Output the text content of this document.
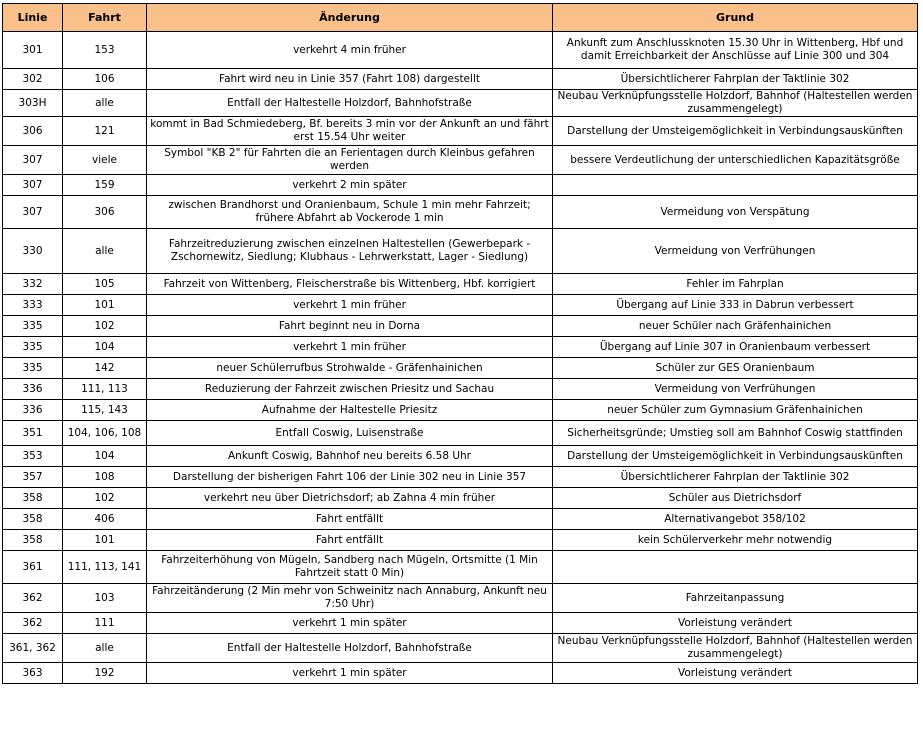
Linie	Fahrt	Änderung	Grund
301	153	verkehrt 4 min früher	Ankunft zum Anschlussknoten 15.30 Uhr in Wittenberg, Hbf und damit Erreichbarkeit der Anschlüsse auf Linie 300 und 304
302	106	Fahrt wird neu in Linie 357 (Fahrt 108) dargestellt	Übersichtlicherer Fahrplan der Taktlinie 302
303H	alle	Entfall der Haltestelle Holzdorf, Bahnhofstraße	Neubau Verknüpfungsstelle Holzdorf, Bahnhof (Haltestellen werden zusammengelegt)
306	121	kommt in Bad Schmiedeberg, Bf. bereits 3 min vor der Ankunft an und fährt erst 15.54 Uhr weiter	Darstellung der Umsteigemöglichkeit in Verbindungsauskünften
307	viele	Symbol "KB 2" für Fahrten die an Ferientagen durch Kleinbus gefahren werden	bessere Verdeutlichung der unterschiedlichen Kapazitätsgröße
307	159	verkehrt 2 min später	
307	306	zwischen Brandhorst und Oranienbaum, Schule 1 min mehr Fahrzeit; frühere Abfahrt ab Vockerode 1 min	Vermeidung von Verspätung
330	alle	Fahrzeitreduzierung zwischen einzelnen Haltestellen (Gewerbepark - Zschornewitz, Siedlung; Klubhaus - Lehrwerkstatt, Lager - Siedlung)	Vermeidung von Verfrühungen
332	105	Fahrzeit von Wittenberg, Fleischerstraße bis Wittenberg, Hbf. korrigiert	Fehler im Fahrplan
333	101	verkehrt 1 min früher	Übergang auf Linie 333 in Dabrun verbessert
335	102	Fahrt beginnt neu in Dorna	neuer Schüler nach Gräfenhainichen
335	104	verkehrt 1 min früher	Übergang auf Linie 307 in Oranienbaum verbessert
335	142	neuer Schülerrufbus Strohwalde - Gräfenhainichen	Schüler zur GES Oranienbaum
336	111, 113	Reduzierung der Fahrzeit zwischen Priesitz und Sachau	Vermeidung von Verfrühungen
336	115, 143	Aufnahme der Haltestelle Priesitz	neuer Schüler zum Gymnasium Gräfenhainichen
351	104, 106, 108	Entfall Coswig, Luisenstraße	Sicherheitsgründe; Umstieg soll am Bahnhof Coswig stattfinden
353	104	Ankunft Coswig, Bahnhof neu bereits 6.58 Uhr	Darstellung der Umsteigemöglichkeit in Verbindungsauskünften
357	108	Darstellung der bisherigen Fahrt 106 der Linie 302 neu in Linie 357	Übersichtlicherer Fahrplan der Taktlinie 302
358	102	verkehrt neu über Dietrichsdorf; ab Zahna 4 min früher	Schüler aus Dietrichsdorf
358	406	Fahrt entfällt	Alternativangebot 358/102
358	101	Fahrt entfällt	kein Schülerverkehr mehr notwendig
361	111, 113, 141	Fahrzeiterhöhung von Mügeln, Sandberg nach Mügeln, Ortsmitte (1 Min Fahrtzeit statt 0 Min)	
362	103	Fahrzeitänderung (2 Min mehr von Schweinitz nach Annaburg, Ankunft neu 7:50 Uhr)	Fahrzeitanpassung
362	111	verkehrt 1 min später	Vorleistung verändert
361, 362	alle	Entfall der Haltestelle Holzdorf, Bahnhofstraße	Neubau Verknüpfungsstelle Holzdorf, Bahnhof (Haltestellen werden zusammengelegt)
363	192	verkehrt 1 min später	Vorleistung verändert
